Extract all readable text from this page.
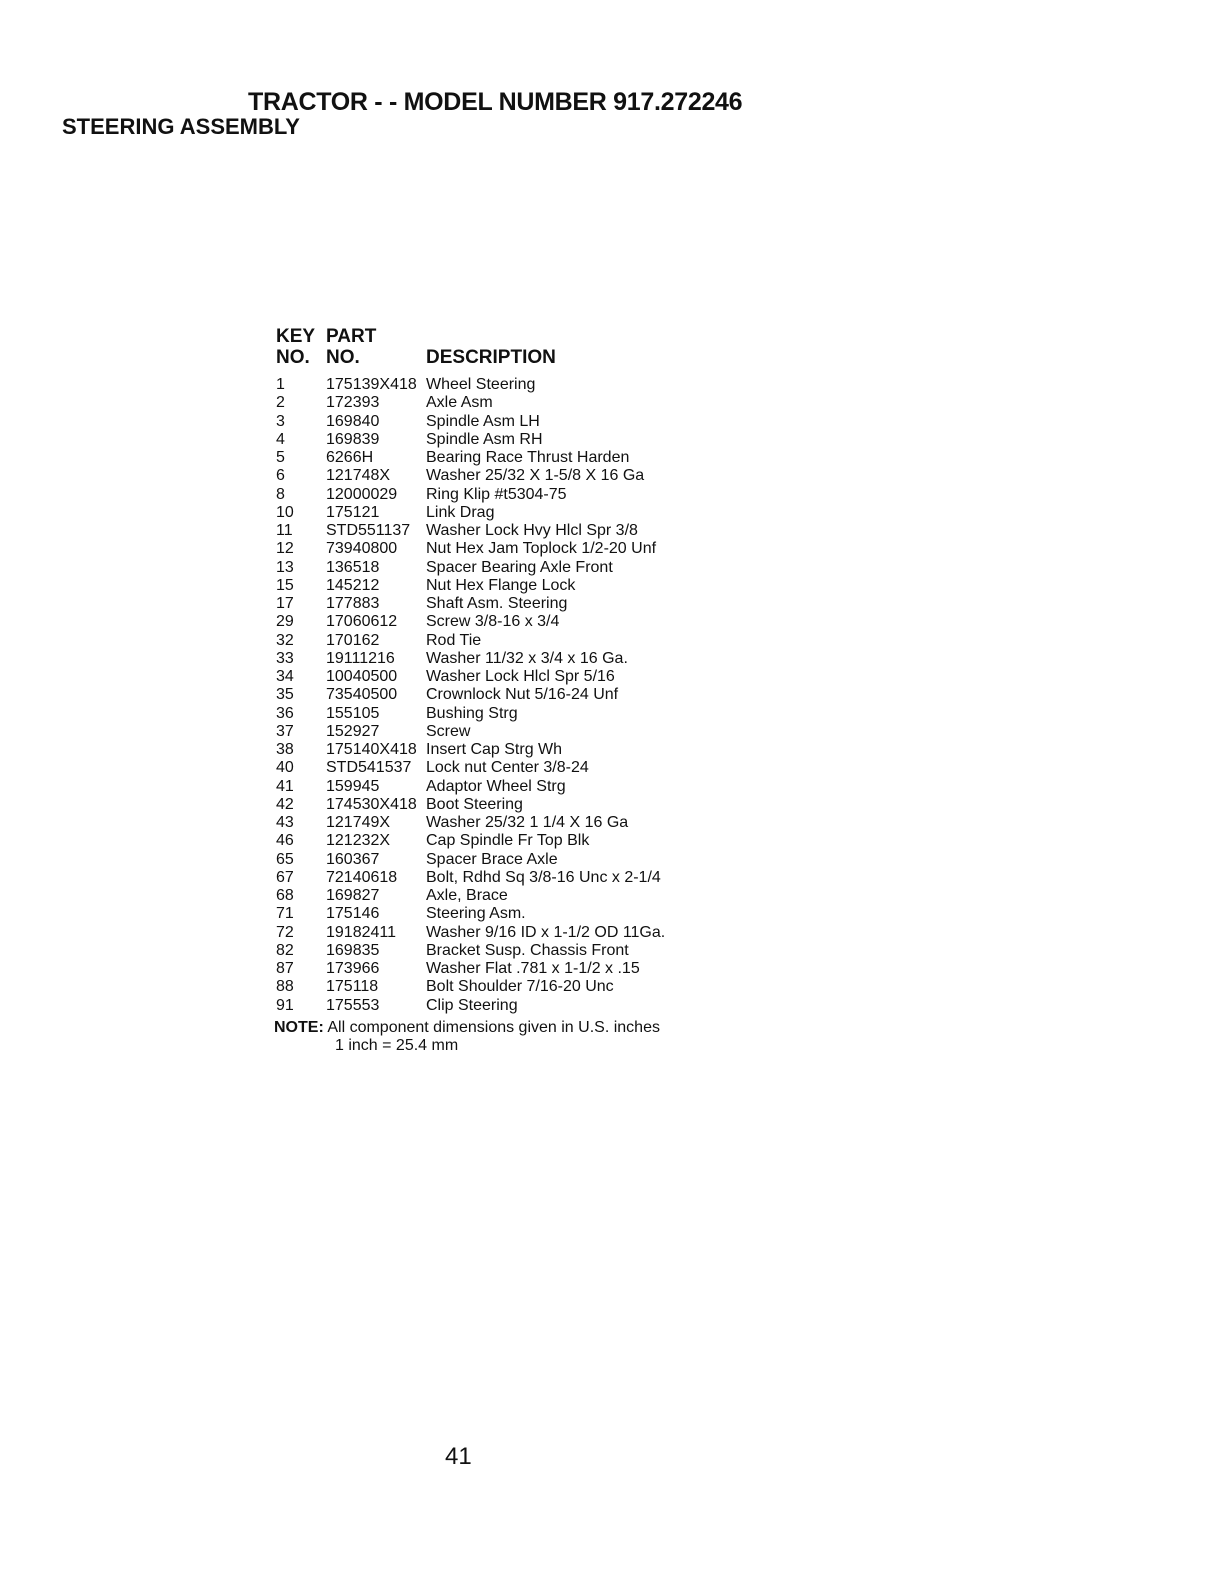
TRACTOR - - MODEL NUMBER 917.272246
STEERING ASSEMBLY
KEY PART
NO. NO.	DESCRIPTION
1	175139X418 Wheel Steering
2	172393	Axle Asm
3	169840	Spindle Asm LH
4	169839	Spindle Asm RH
5	6266H	Bearing Race Thrust Harden
6	121748X Washer 25/32 X 1-5/8 X 16 Ga
8	12000029 Ring Klip #t5304-75
10 175121	Link Drag
11 STD551137 Washer Lock Hvy Hlcl Spr 3/8
12 73940800 Nut Hex Jam Toplock 1/2-20 Unf
13 136518	Spacer Bearing Axle Front
15 145212	Nut Hex Flange Lock
17 177883	Shaft Asm. Steering
29 17060612 Screw 3/8-16 x 3/4
32 170162	Rod Tie
33 19111216 Washer 11/32 x 3/4 x 16 Ga.
34 10040500 Washer Lock Hlcl Spr 5/16
35 73540500 Crownlock Nut 5/16-24 Unf
36 155105	Bushing Strg
37 152927	Screw
38 175140X418 Insert Cap Strg Wh
40 STD541537 Lock nut Center 3/8-24
41 159945	Adaptor Wheel Strg
42 174530X418 Boot Steering
43 121749X Washer 25/32 1 1/4 X 16 Ga
46 121232X Cap Spindle Fr Top Blk
65 160367	Spacer Brace Axle
67 72140618 Bolt, Rdhd Sq 3/8-16 Unc x 2-1/4
68 169827	Axle, Brace
71 175146	Steering Asm.
72 19182411 Washer 9/16 ID x 1-1/2 OD 11Ga.
82 169835	Bracket Susp. Chassis Front
87 173966	Washer Flat .781 x 1-1/2 x .15
88 175118	Bolt Shoulder 7/16-20 Unc
91 175553	Clip Steering
NOTE: All component dimensions given in U.S. inches
1 inch = 25.4 mm
41
